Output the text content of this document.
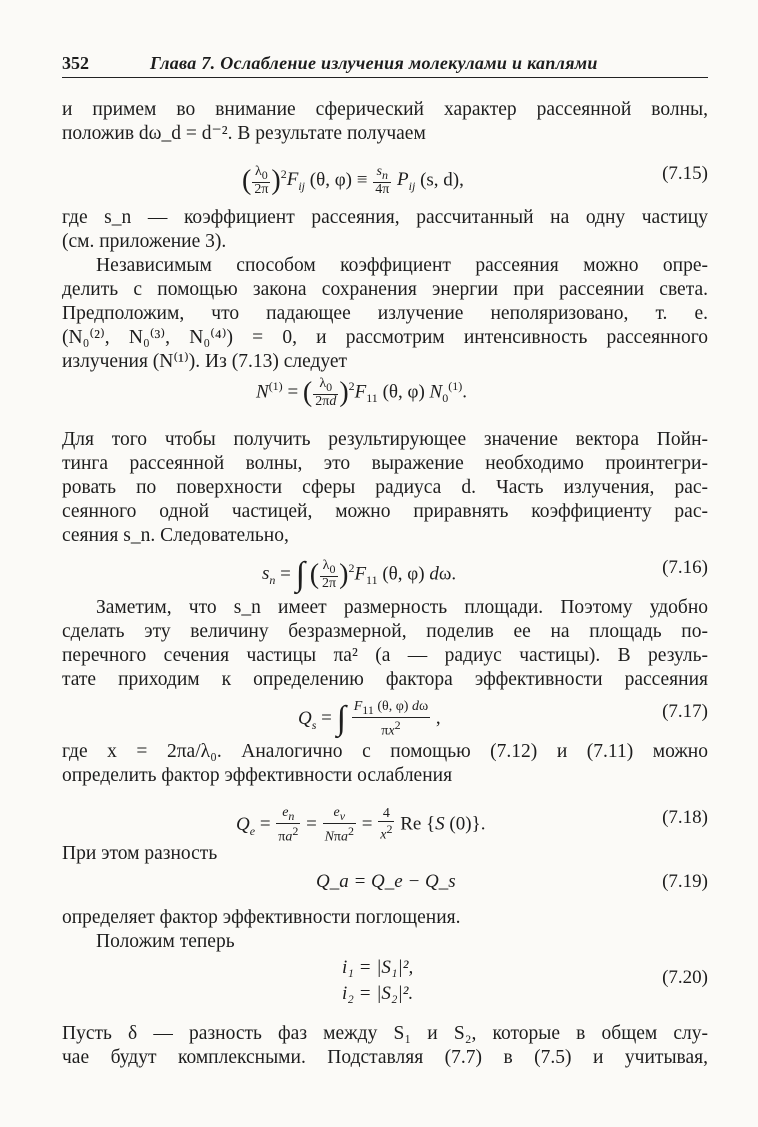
352	Глава 7. Ослабление излучения молекулами и каплями
и примем во внимание сферический характер рассеянной волны,
положив dω_d = d⁻². В результате получаем
( $\frac{\lambda_0}{2\pi} )^2F_{ij}$ (θ, $\varphi) \equiv \frac{s_n}{4\pi} P_{ij}$ (s, d),	(7.15)
где s_n — коэффициент рассеяния, рассчитанный на одну частицу
(см. приложение 3).
Независимым способом коэффициент рассеяния можно опре-
делить с помощью закона сохранения энергии при рассеянии света.
Предположим, что падающее излучение неполяризовано, т. е.
(N₀⁽²⁾, N₀⁽³⁾, N₀⁽⁴⁾) = 0, и рассмотрим интенсивность рассеянного
излучения (N⁽¹⁾). Из (7.13) следует
$N^{(1)}$ = ( $\frac{\lambda_0}{2\pi d} )^2F_{11}$ (θ, φ) $N_0^{(1)}$.
Для того чтобы получить результирующее значение вектора Пойн-
тинга рассеянной волны, это выражение необходимо проинтегри-
ровать по поверхности сферы радиуса d. Часть излучения, рас-
сеянного одной частицей, можно приравнять коэффициенту рас-
сеяния s_n. Следовательно,
$s_n$ = ∫ ( $\frac{\lambda_0}{2\pi} )^2F_{11}$ (θ, φ) dω.	(7.16)
Заметим, что s_n имеет размерность площади. Поэтому удобно
сделать эту величину безразмерной, поделив ее на площадь по-
перечного сечения частицы πa² (a — радиус частицы). В резуль-
тате приходим к определению фактора эффективности рассеяния
$Q_s$ = ∫ $\frac{F_{11} (\theta, \varphi) d\omega}{\pi x^2}$ ,	(7.17)
где x = 2πa/λ₀. Аналогично с помощью (7.12) и (7.11) можно
определить фактор эффективности ослабления
$Q_e = \frac{e_n}{\pi a^2} = \frac{e_v}{N\pi a^2} = \frac{4}{x^2}$ Re {S (0)}.	(7.18)
При этом разность
Q_a = Q_e − Q_s	(7.19)
определяет фактор эффективности поглощения.
Положим теперь
i₁ = |S₁|²,
i₂ = |S₂|².
(7.20)
Пусть δ — разность фаз между S₁ и S₂, которые в общем слу-
чае будут комплексными. Подставляя (7.7) в (7.5) и учитывая,
